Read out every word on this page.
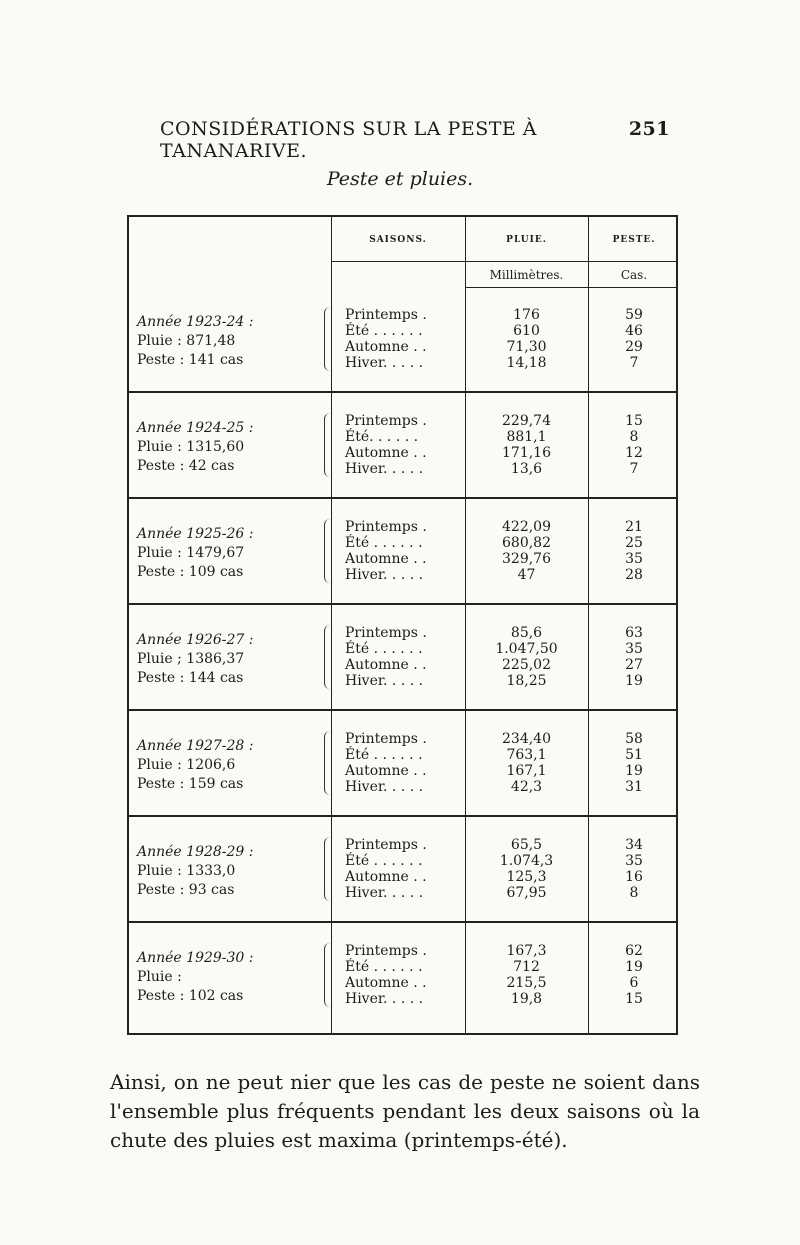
CONSIDÉRATIONS SUR LA PESTE À TANANARIVE.
251
Peste et pluies.
SAISONS.	PLUIE.	PESTE.
Millimètres.	Cas.
Année 1923-24 :
Pluie : 871,48
Peste : 141 cas
Printemps .	176	59
Été . . . . . .	610	46
Automne . .	71,30	29
Hiver. . . . .	14,18	7
Année 1924-25 :
Pluie : 1315,60
Peste : 42 cas
Printemps .	229,74	15
Été. . . . . .	881,1	8
Automne . .	171,16	12
Hiver. . . . .	13,6	7
Année 1925-26 :
Pluie : 1479,67
Peste : 109 cas
Printemps .	422,09	21
Été . . . . . .	680,82	25
Automne . .	329,76	35
Hiver. . . . .	47	28
Année 1926-27 :
Pluie ; 1386,37
Peste : 144 cas
Printemps .	85,6	63
Été . . . . . .	1.047,50	35
Automne . .	225,02	27
Hiver. . . . .	18,25	19
Année 1927-28 :
Pluie : 1206,6
Peste : 159 cas
Printemps .	234,40	58
Été . . . . . .	763,1	51
Automne . .	167,1	19
Hiver. . . . .	42,3	31
Année 1928-29 :
Pluie : 1333,0
Peste : 93 cas
Printemps .	65,5	34
Été . . . . . .	1.074,3	35
Automne . .	125,3	16
Hiver. . . . .	67,95	8
Année 1929-30 :
Pluie :
Peste : 102 cas
Printemps .	167,3	62
Été . . . . . .	712	19
Automne . .	215,5	6
Hiver. . . . .	19,8	15
Ainsi, on ne peut nier que les cas de peste ne soient dans l'ensemble plus fréquents pendant les deux saisons où la chute des pluies est maxima (printemps-été).
